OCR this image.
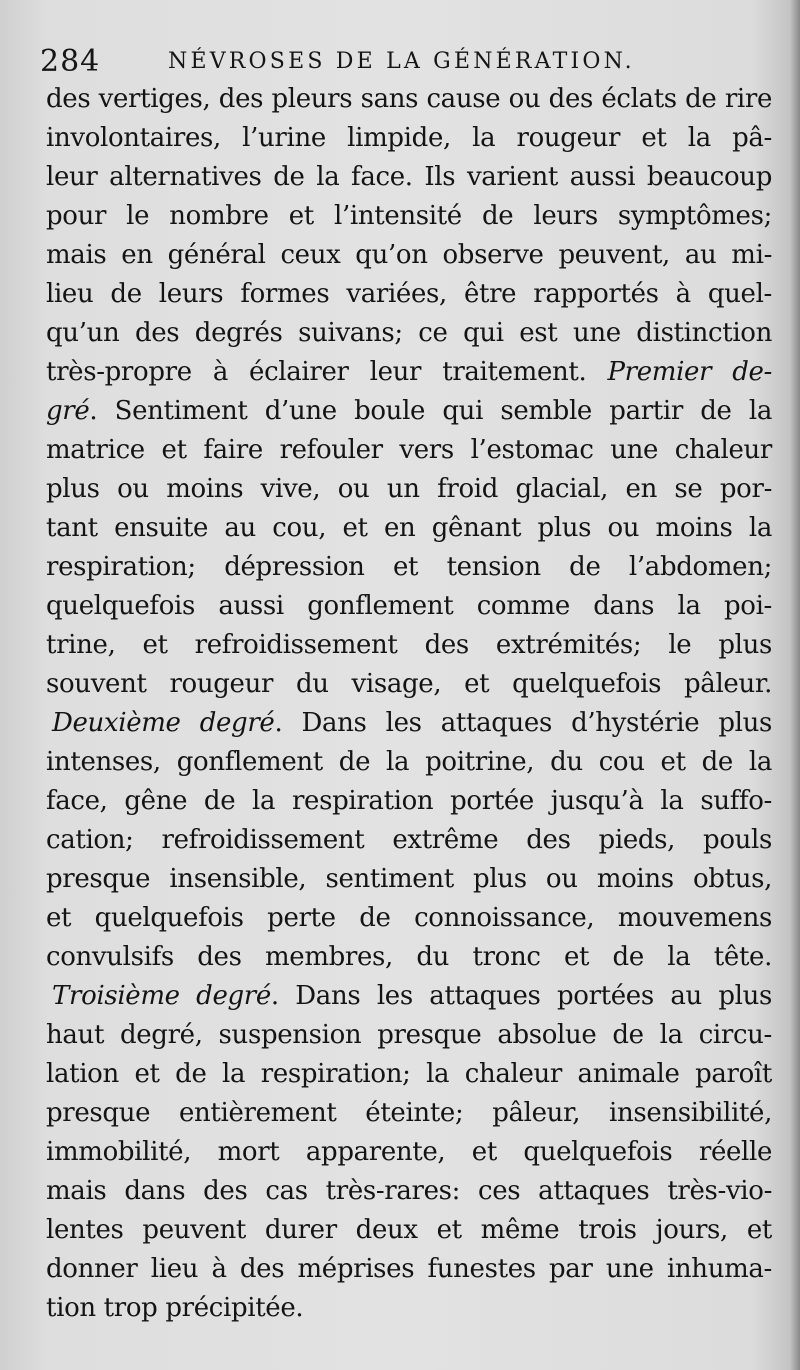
284	NÉVROSES DE LA GÉNÉRATION.
des vertiges, des pleurs sans cause ou des éclats de rire
involontaires, l’urine limpide, la rougeur et la pâ-
leur alternatives de la face. Ils varient aussi beaucoup
pour le nombre et l’intensité de leurs symptômes;
mais en général ceux qu’on observe peuvent, au mi-
lieu de leurs formes variées, être rapportés à quel-
qu’un des degrés suivans; ce qui est une distinction
très-propre à éclairer leur traitement. Premier de-
gré. Sentiment d’une boule qui semble partir de la
matrice et faire refouler vers l’estomac une chaleur
plus ou moins vive, ou un froid glacial, en se por-
tant ensuite au cou, et en gênant plus ou moins la
respiration; dépression et tension de l’abdomen;
quelquefois aussi gonflement comme dans la poi-
trine, et refroidissement des extrémités; le plus
souvent rougeur du visage, et quelquefois pâleur.
Deuxième degré. Dans les attaques d’hystérie plus
intenses, gonflement de la poitrine, du cou et de la
face, gêne de la respiration portée jusqu’à la suffo-
cation; refroidissement extrême des pieds, pouls
presque insensible, sentiment plus ou moins obtus,
et quelquefois perte de connoissance, mouvemens
convulsifs des membres, du tronc et de la tête.
Troisième degré. Dans les attaques portées au plus
haut degré, suspension presque absolue de la circu-
lation et de la respiration; la chaleur animale paroît
presque entièrement éteinte; pâleur, insensibilité,
immobilité, mort apparente, et quelquefois réelle
mais dans des cas très-rares: ces attaques très-vio-
lentes peuvent durer deux et même trois jours, et
donner lieu à des méprises funestes par une inhuma-
tion trop précipitée.
